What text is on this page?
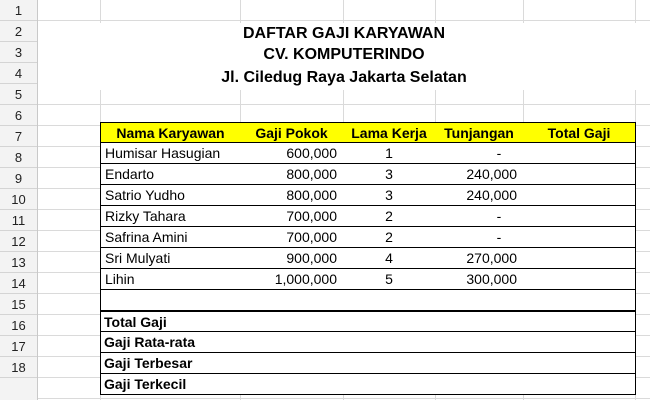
1
2
3
4
5
6
7
8
9
10
11
12
13
14
15
16
17
18
DAFTAR GAJI KARYAWAN
CV. KOMPUTERINDO
Jl. Ciledug Raya Jakarta Selatan
Nama Karyawan	Gaji Pokok	Lama Kerja	Tunjangan	Total Gaji
Humisar Hasugian	600,000	1	-
Endarto	800,000	3	240,000
Satrio Yudho	800,000	3	240,000
Rizky Tahara	700,000	2	-
Safrina Amini	700,000	2	-
Sri Mulyati	900,000	4	270,000
Lihin	1,000,000	5	300,000
Total Gaji
Gaji Rata-rata
Gaji Terbesar
Gaji Terkecil
